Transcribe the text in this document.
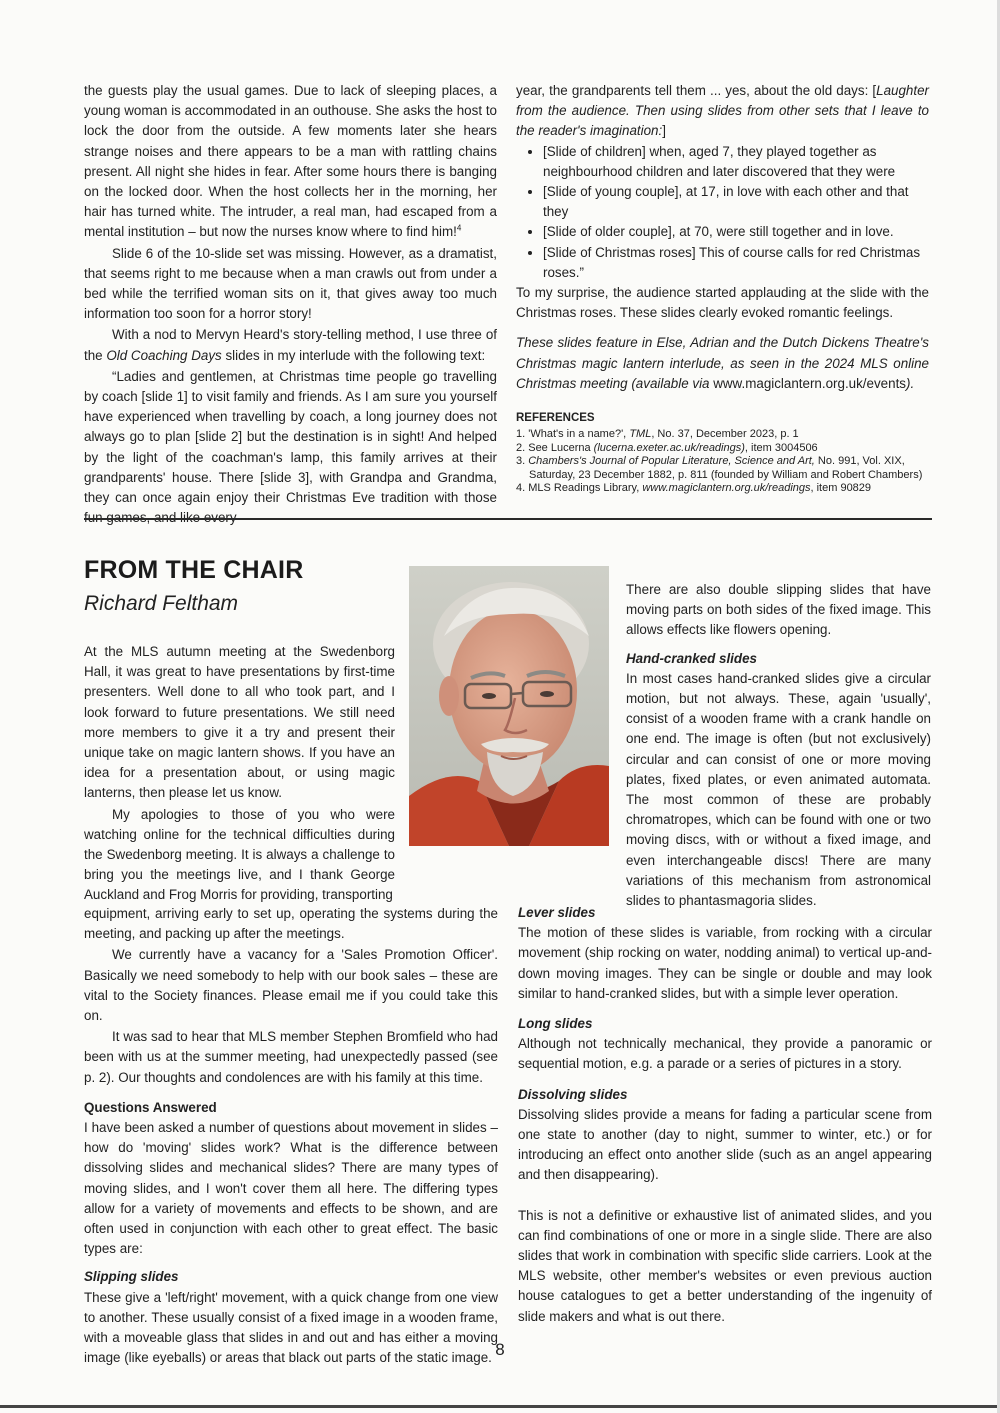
the guests play the usual games. Due to lack of sleeping places, a young woman is accommodated in an outhouse. She asks the host to lock the door from the outside. A few moments later she hears strange noises and there appears to be a man with rattling chains present. All night she hides in fear. After some hours there is banging on the locked door. When the host collects her in the morning, her hair has turned white. The intruder, a real man, had escaped from a mental institution – but now the nurses know where to find him!$^4$

Slide 6 of the 10-slide set was missing. However, as a dramatist, that seems right to me because when a man crawls out from under a bed while the terrified woman sits on it, that gives away too much information too soon for a horror story!

With a nod to Mervyn Heard's story-telling method, I use three of the Old Coaching Days slides in my interlude with the following text:

“Ladies and gentlemen, at Christmas time people go travelling by coach [slide 1] to visit family and friends. As I am sure you yourself have experienced when travelling by coach, a long journey does not always go to plan [slide 2] but the destination is in sight! And helped by the light of the coachman's lamp, this family arrives at their grandparents' house. There [slide 3], with Grandpa and Grandma, they can once again enjoy their Christmas Eve tradition with those

year, the grandparents tell them ... yes, about the old days: [Laughter from the audience. Then using slides from other sets that I leave to the reader's imagination:]

• [Slide of children] when, aged 7, they played together as neighbourhood children and later discovered that they were
• [Slide of young couple], at 17, in love with each other and that they
• [Slide of older couple], at 70, were still together and in love.
• [Slide of Christmas roses] This of course calls for red Christmas roses.”

To my surprise, the audience started applauding at the slide with the Christmas roses. These slides clearly evoked romantic feelings.

These slides feature in Else, Adrian and the Dutch Dickens Theatre's Christmas magic lantern interlude, as seen in the 2024 MLS online Christmas meeting (available via www.magiclantern.org.uk/events).

REFERENCES
1. 'What's in a name?', TML, No. 37, December 2023, p. 1
2. See Lucerna (lucerna.exeter.ac.uk/readings), item 3004506
3. Chambers's Journal of Popular Literature, Science and Art, No. 991, Vol. XIX, Saturday, 23 December 1882, p. 811 (founded by William and Robert Chambers)
4. MLS Readings Library, www.magiclantern.org.uk/readings, item 90829
FROM THE CHAIR
Richard Feltham

At the MLS autumn meeting at the Swedenborg Hall, it was great to have presentations by first-time presenters. Well done to all who took part, and I look forward to future presentations. We still need more members to give it a try and present their unique take on magic lantern shows. If you have an idea for a presentation about, or using magic lanterns, then please let us know.

My apologies to those of you who were watching online for the technical difficulties during the Swedenborg meeting. It is always a challenge to bring you the meetings live, and I thank George Auckland and Frog Morris for providing, transporting

equipment, arriving early to set up, operating the systems during the meeting, and packing up after the meetings.

We currently have a vacancy for a 'Sales Promotion Officer'. Basically we need somebody to help with our book sales – these are vital to the Society finances. Please email me if you could take this on.

It was sad to hear that MLS member Stephen Bromfield who had been with us at the summer meeting, had unexpectedly passed (see p. 2). Our thoughts and condolences are with his family at this time.

Questions Answered

I have been asked a number of questions about movement in slides – how do 'moving' slides work? What is the difference between dissolving slides and mechanical slides? There are many types of moving slides, and I won't cover them all here. The differing types allow for a variety of movements and effects to be shown, and are often used in conjunction with each other to great effect. The basic types are:

Slipping slides

These give a 'left/right' movement, with a quick change from one view to another. These usually consist of a fixed image in a wooden frame, with a moveable glass that slides in and out and has either a moving image (like eyeballs) or areas that black out parts of the static image.

There are also double slipping slides that have moving parts on both sides of the fixed image. This allows effects like flowers opening.

Hand-cranked slides

In most cases hand-cranked slides give a circular motion, but not always. These, again 'usually', consist of a wooden frame with a crank handle on one end. The image is often (but not exclusively) circular and can consist of one or more moving plates, fixed plates, or even animated automata. The most common of these are probably chromatropes, which can be found with one or two moving discs, with or without a fixed image, and even interchangeable discs! There are many variations of this mechanism from astronomical slides to phantasmagoria slides.

Lever slides

The motion of these slides is variable, from rocking with a circular movement (ship rocking on water, nodding animal) to vertical up-and-down moving images. They can be single or double and may look similar to hand-cranked slides, but with a simple lever operation.

Long slides

Although not technically mechanical, they provide a panoramic or sequential motion, e.g. a parade or a series of pictures in a story.

Dissolving slides

Dissolving slides provide a means for fading a particular scene from one state to another (day to night, summer to winter, etc.) or for introducing an effect onto another slide (such as an angel appearing and then disappearing).

This is not a definitive or exhaustive list of animated slides, and you can find combinations of one or more in a single slide. There are also slides that work in combination with specific slide carriers. Look at the MLS website, other member's websites or even previous auction house catalogues to get a better understanding of the ingenuity of slide makers and what is out there.

8
